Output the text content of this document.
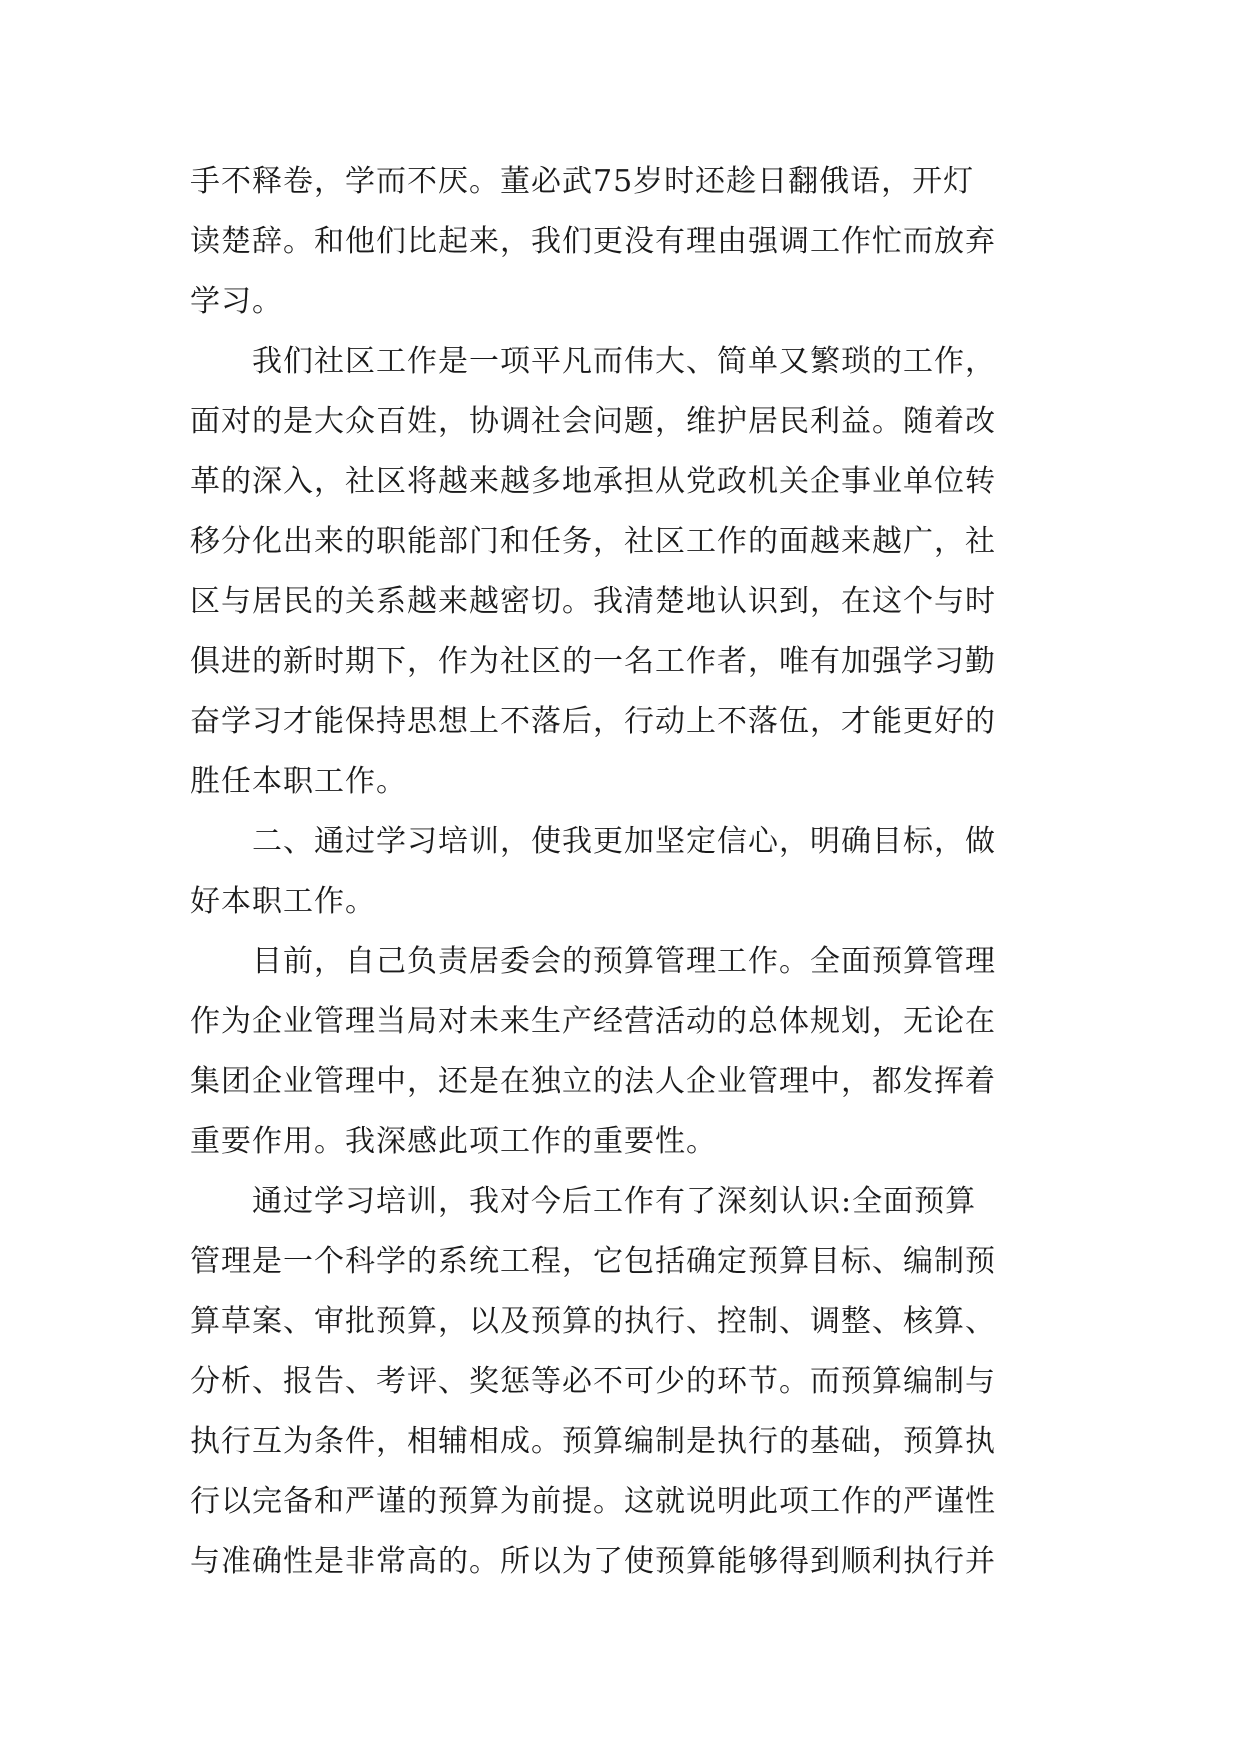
手不释卷，学而不厌。董必武75岁时还趁日翻俄语，开灯
读楚辞。和他们比起来，我们更没有理由强调工作忙而放弃
学习。
　　我们社区工作是一项平凡而伟大、简单又繁琐的工作，
面对的是大众百姓，协调社会问题，维护居民利益。随着改
革的深入，社区将越来越多地承担从党政机关企事业单位转
移分化出来的职能部门和任务，社区工作的面越来越广，社
区与居民的关系越来越密切。我清楚地认识到，在这个与时
俱进的新时期下，作为社区的一名工作者，唯有加强学习勤
奋学习才能保持思想上不落后，行动上不落伍，才能更好的
胜任本职工作。
　　二、通过学习培训，使我更加坚定信心，明确目标，做
好本职工作。
　　目前，自己负责居委会的预算管理工作。全面预算管理
作为企业管理当局对未来生产经营活动的总体规划，无论在
集团企业管理中，还是在独立的法人企业管理中，都发挥着
重要作用。我深感此项工作的重要性。
　　通过学习培训，我对今后工作有了深刻认识:全面预算
管理是一个科学的系统工程，它包括确定预算目标、编制预
算草案、审批预算，以及预算的执行、控制、调整、核算、
分析、报告、考评、奖惩等必不可少的环节。而预算编制与
执行互为条件，相辅相成。预算编制是执行的基础，预算执
行以完备和严谨的预算为前提。这就说明此项工作的严谨性
与准确性是非常高的。所以为了使预算能够得到顺利执行并
